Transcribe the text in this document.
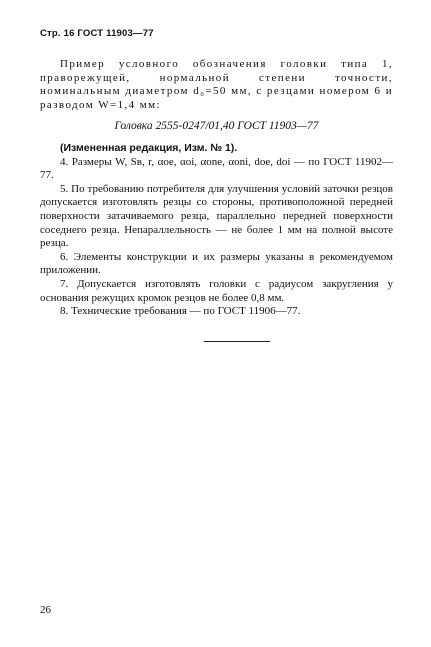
Стр. 16 ГОСТ 11903—77

Пример условного обозначения головки типа 1, праворежущей, нормальной степени точности, номинальным диаметром d₀=50 мм, с резцами номером 6 и разводом W=1,4 мм:

Головка 2555-0247/01,40 ГОСТ 11903—77

(Измененная редакция, Изм. № 1).

4. Размеры W, Sв, r, αoe, αoi, αone, αoni, doe, doi — по ГОСТ 11902—77.

5. По требованию потребителя для улучшения условий заточки резцов допускается изготовлять резцы со стороны, противоположной передней поверхности затачиваемого резца, параллельно передней поверхности соседнего резца. Непараллельность — не более 1 мм на полной высоте резца.

6. Элементы конструкции и их размеры указаны в рекомендуемом приложении.

7. Допускается изготовлять головки с радиусом закругления у основания режущих кромок резцов не более 0,8 мм.

8. Технические требования — по ГОСТ 11906—77.

26
